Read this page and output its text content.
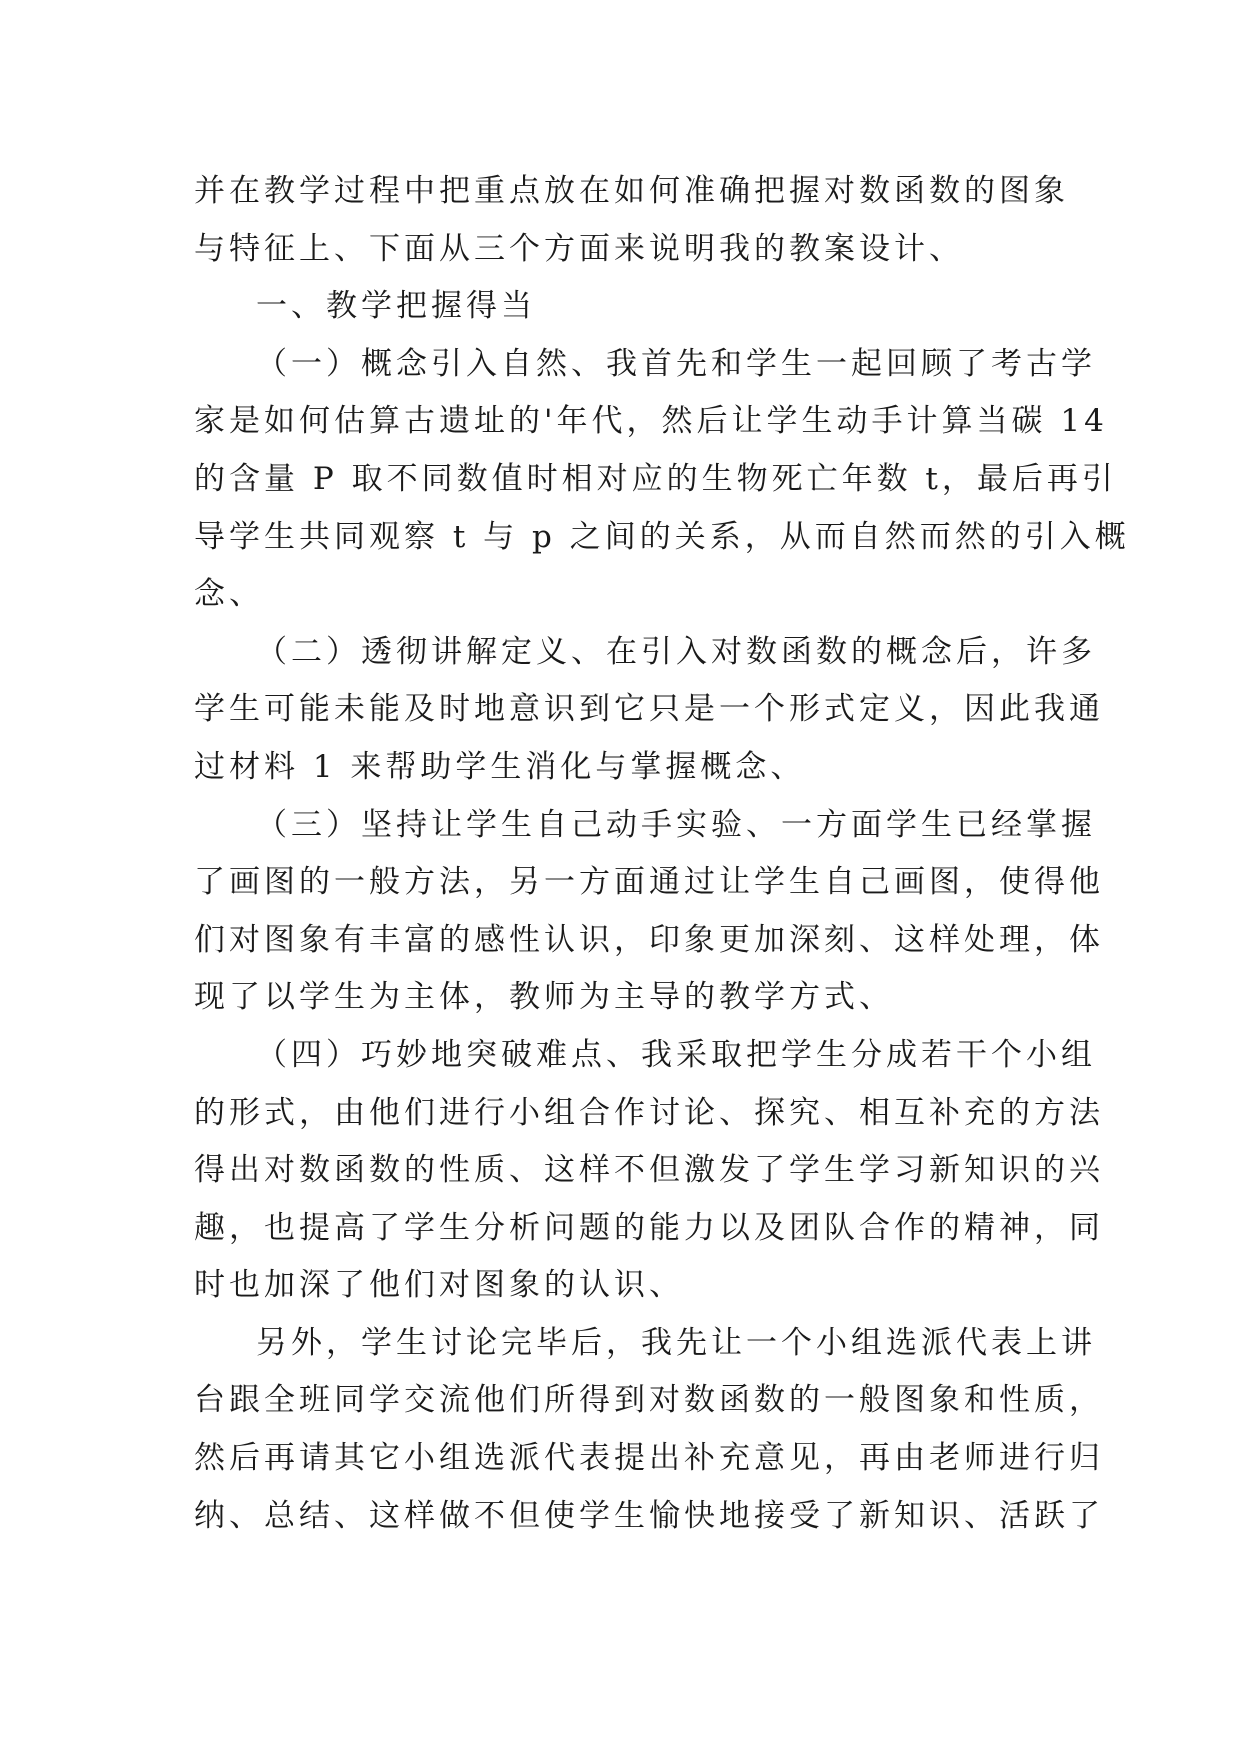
并在教学过程中把重点放在如何准确把握对数函数的图象
与特征上、下面从三个方面来说明我的教案设计、
一、教学把握得当
（一）概念引入自然、我首先和学生一起回顾了考古学
家是如何估算古遗址的'年代，然后让学生动手计算当碳 14
的含量 P 取不同数值时相对应的生物死亡年数 t，最后再引
导学生共同观察 t 与 p 之间的关系，从而自然而然的引入概
念、
（二）透彻讲解定义、在引入对数函数的概念后，许多
学生可能未能及时地意识到它只是一个形式定义，因此我通
过材料 1 来帮助学生消化与掌握概念、
（三）坚持让学生自己动手实验、一方面学生已经掌握
了画图的一般方法，另一方面通过让学生自己画图，使得他
们对图象有丰富的感性认识，印象更加深刻、这样处理，体
现了以学生为主体，教师为主导的教学方式、
（四）巧妙地突破难点、我采取把学生分成若干个小组
的形式，由他们进行小组合作讨论、探究、相互补充的方法
得出对数函数的性质、这样不但激发了学生学习新知识的兴
趣，也提高了学生分析问题的能力以及团队合作的精神，同
时也加深了他们对图象的认识、
另外，学生讨论完毕后，我先让一个小组选派代表上讲
台跟全班同学交流他们所得到对数函数的一般图象和性质，
然后再请其它小组选派代表提出补充意见，再由老师进行归
纳、总结、这样做不但使学生愉快地接受了新知识、活跃了
